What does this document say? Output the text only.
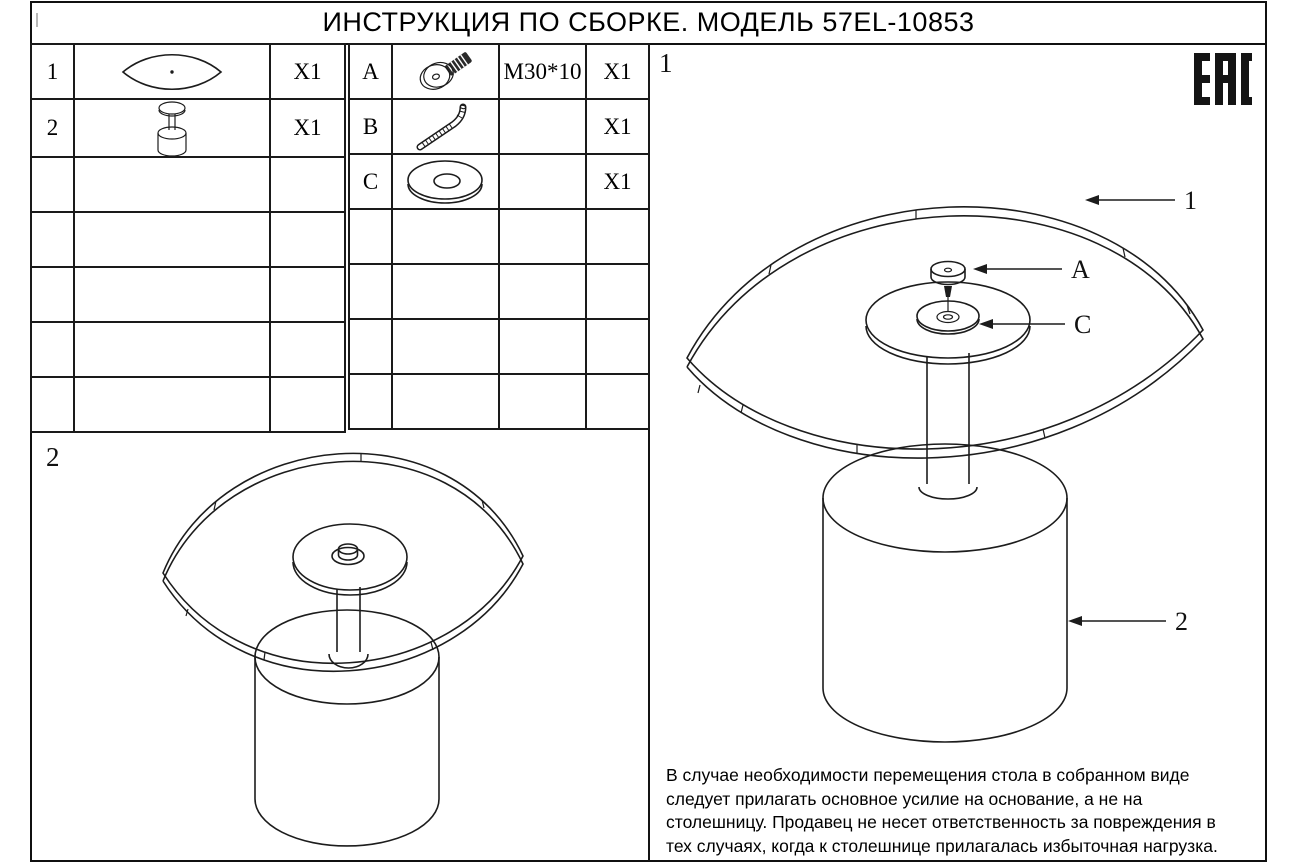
ИНСТРУКЦИЯ ПО СБОРКЕ. МОДЕЛЬ 57EL-10853
1		X1
2		X1

A		M30*10	X1
B			X1
C			X1

1
2
1
A
C
2
В случае необходимости перемещения стола в собранном виде
следует прилагать основное усилие на основание, а не на
столешницу. Продавец не несет ответственность за повреждения в
тех случаях, когда к столешнице прилагалась избыточная нагрузка.
